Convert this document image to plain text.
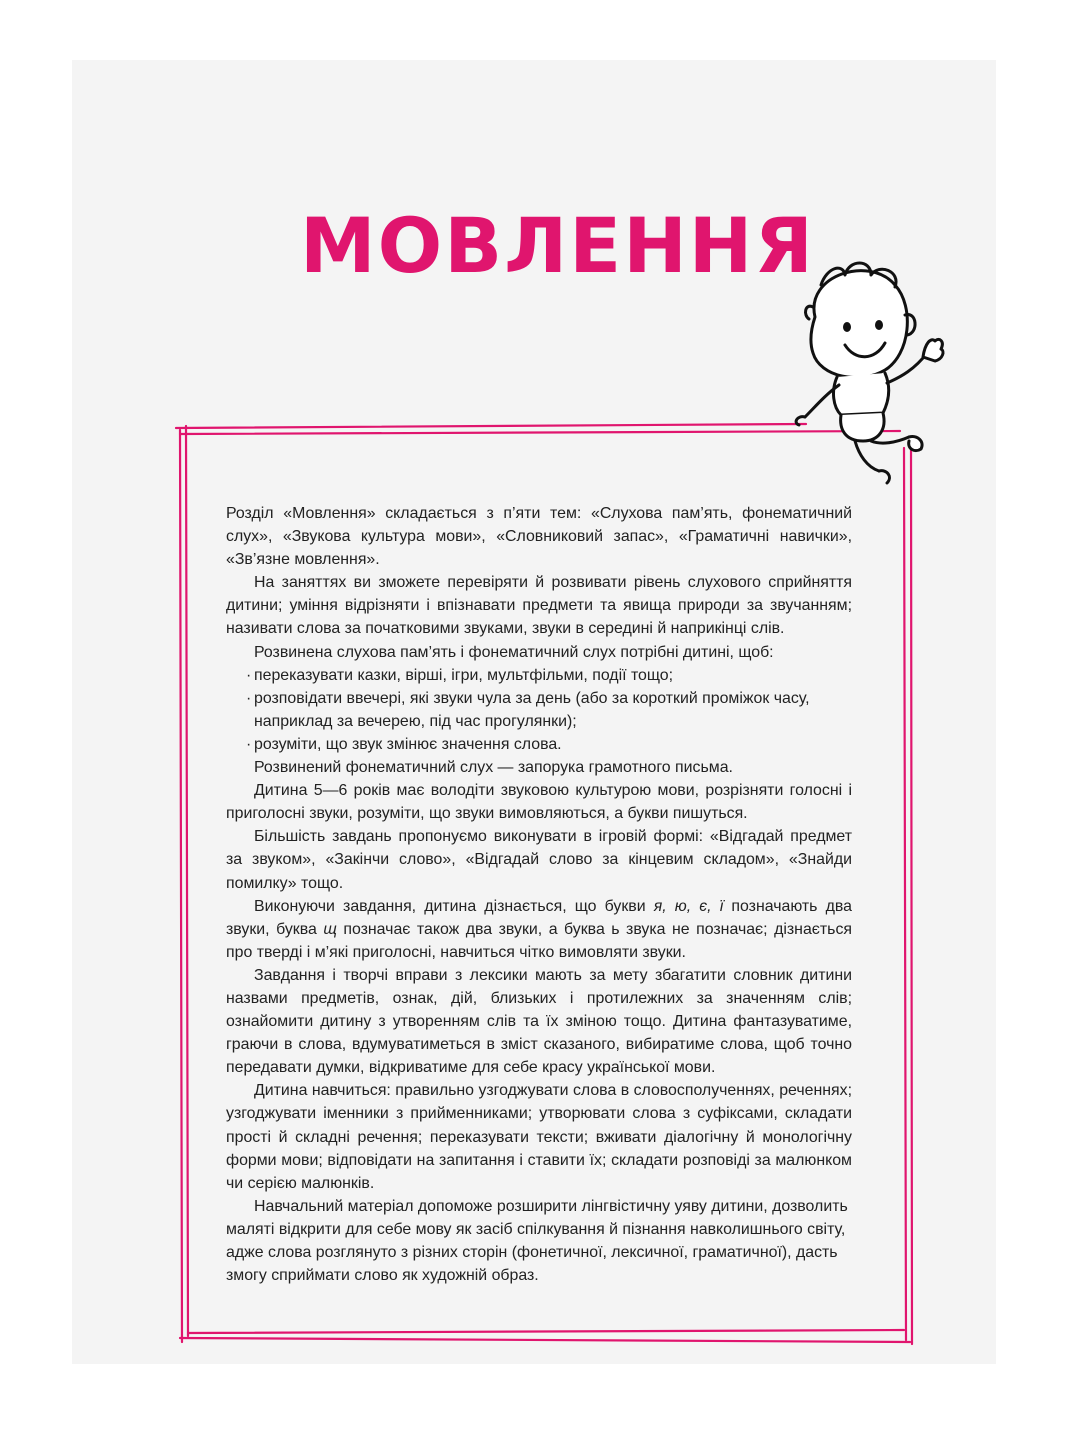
МОВЛЕННЯ

Розділ «Мовлення» складається з п’яти тем: «Слухова пам’ять, фонематичний слух», «Звукова культура мови», «Словниковий запас», «Граматичні навички», «Зв’язне мовлення».

На заняттях ви зможете перевіряти й розвивати рівень слухового сприйняття дитини; уміння відрізняти і впізнавати предмети та явища природи за звучанням; називати слова за початковими звуками, звуки в середині й наприкінці слів.

Розвинена слухова пам’ять і фонематичний слух потрібні дитині, щоб:

· переказувати казки, вірші, ігри, мультфільми, події тощо;
· розповідати ввечері, які звуки чула за день (або за короткий проміжок часу, наприклад за вечерею, під час прогулянки);
· розуміти, що звук змінює значення слова.

Розвинений фонематичний слух — запорука грамотного письма.

Дитина 5—6 років має володіти звуковою культурою мови, розрізняти голосні і приголосні звуки, розуміти, що звуки вимовляються, а букви пишуться.

Більшість завдань пропонуємо виконувати в ігровій формі: «Відгадай предмет за звуком», «Закінчи слово», «Відгадай слово за кінцевим складом», «Знайди помилку» тощо.

Виконуючи завдання, дитина дізнається, що букви я, ю, є, ї позначають два звуки, буква щ позначає також два звуки, а буква ь звука не позначає; дізнається про тверді і м’які приголосні, навчиться чітко вимовляти звуки.

Завдання і творчі вправи з лексики мають за мету збагатити словник дитини назвами предметів, ознак, дій, близьких і протилежних за значенням слів; ознайомити дитину з утворенням слів та їх зміною тощо. Дитина фантазуватиме, граючи в слова, вдумуватиметься в зміст сказаного, вибиратиме слова, щоб точно передавати думки, відкриватиме для себе красу української мови.

Дитина навчиться: правильно узгоджувати слова в словосполученнях, реченнях; узгоджувати іменники з прийменниками; утворювати слова з суфіксами, складати прості й складні речення; переказувати тексти; вживати діалогічну й монологічну форми мови; відповідати на запитання і ставити їх; складати розповіді за малюнком чи серією малюнків.

Навчальний матеріал допоможе розширити лінгвістичну уяву дитини, дозволить маляті відкрити для себе мову як засіб спілкування й пізнання навколишнього світу, адже слова розглянуто з різних сторін (фонетичної, лексичної, граматичної), дасть змогу сприймати слово як художній образ.
